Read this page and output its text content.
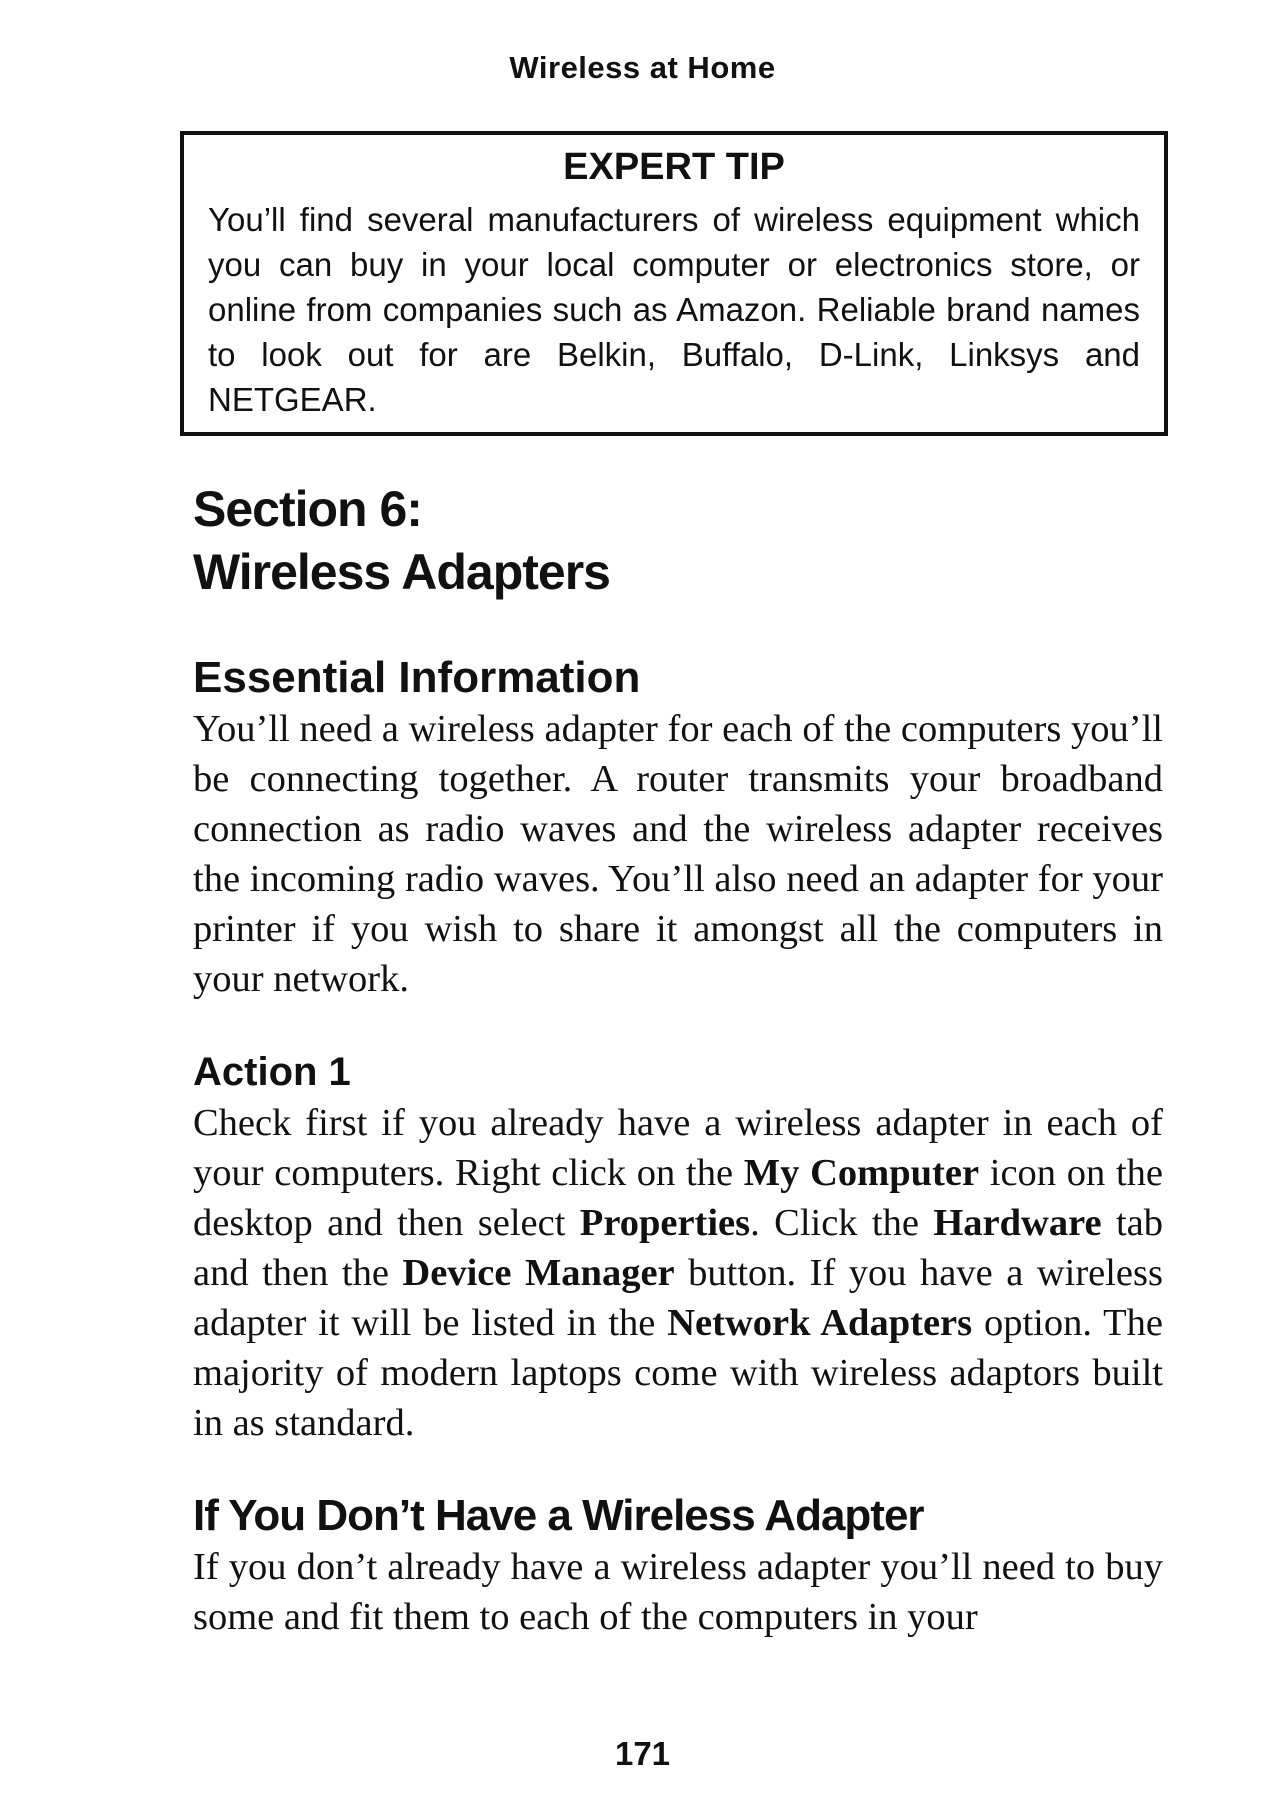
Wireless at Home
EXPERT TIP
You’ll find several manufacturers of wireless equipment which you can buy in your local computer or electronics store, or online from companies such as Amazon. Reliable brand names to look out for are Belkin, Buffalo, D-Link, Linksys and NETGEAR.
Section 6:
Wireless Adapters
Essential Information

You’ll need a wireless adapter for each of the computers you’ll be connecting together. A router transmits your broadband connection as radio waves and the wireless adapter receives the incoming radio waves. You’ll also need an adapter for your printer if you wish to share it amongst all the computers in your network.

Action 1

Check first if you already have a wireless adapter in each of your computers. Right click on the My Computer icon on the desktop and then select Properties. Click the Hardware tab and then the Device Manager button. If you have a wireless adapter it will be listed in the Network Adapters option. The majority of modern laptops come with wireless adaptors built in as standard.

If You Don’t Have a Wireless Adapter

If you don’t already have a wireless adapter you’ll need to buy some and fit them to each of the computers in your

171
